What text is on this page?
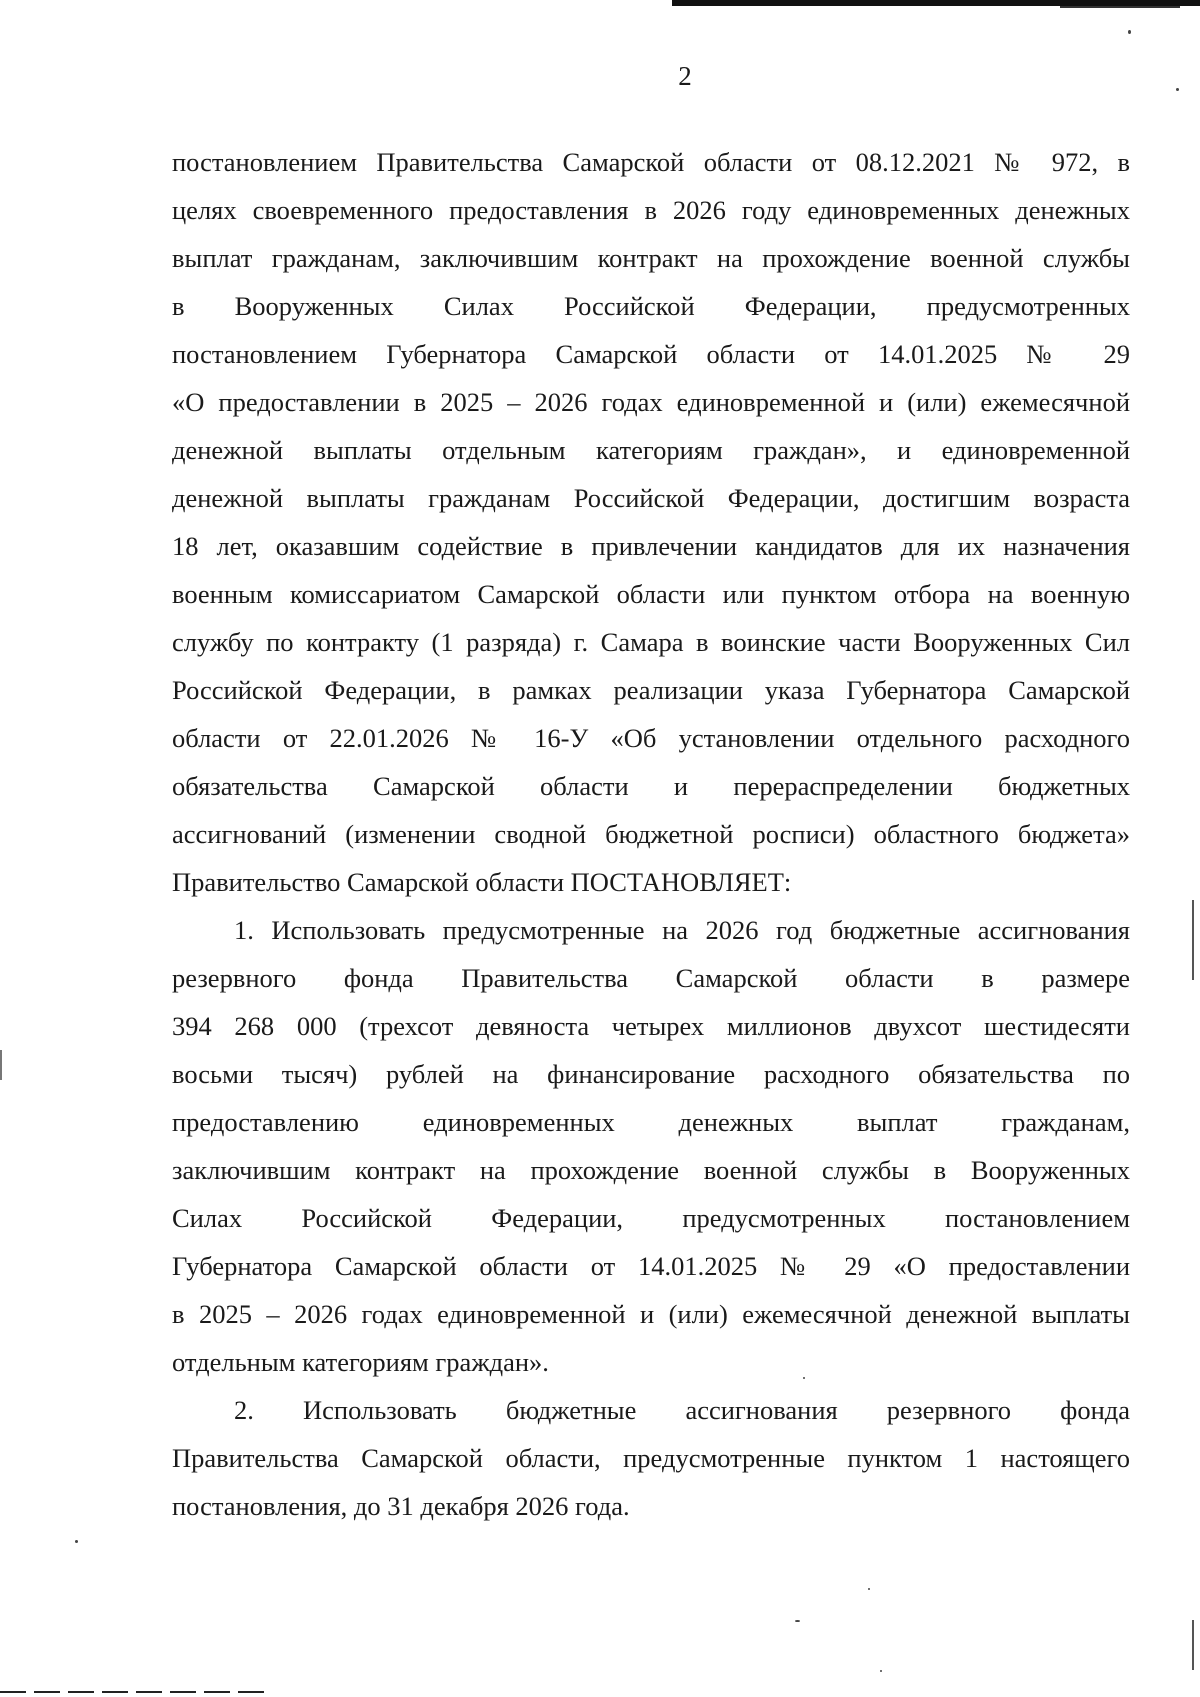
2
постановлением Правительства Самарской области от 08.12.2021 № 972, в
целях своевременного предоставления в 2026 году единовременных денежных
выплат гражданам, заключившим контракт на прохождение военной службы
в Вооруженных Силах Российской Федерации, предусмотренных
постановлением Губернатора Самарской области от 14.01.2025 № 29
«О предоставлении в 2025 – 2026 годах единовременной и (или) ежемесячной
денежной выплаты отдельным категориям граждан», и единовременной
денежной выплаты гражданам Российской Федерации, достигшим возраста
18 лет, оказавшим содействие в привлечении кандидатов для их назначения
военным комиссариатом Самарской области или пунктом отбора на военную
службу по контракту (1 разряда) г. Самара в воинские части Вооруженных Сил
Российской Федерации, в рамках реализации указа Губернатора Самарской
области от 22.01.2026 № 16-У «Об установлении отдельного расходного
обязательства Самарской области и перераспределении бюджетных
ассигнований (изменении сводной бюджетной росписи) областного бюджета»
Правительство Самарской области ПОСТАНОВЛЯЕТ:
1. Использовать предусмотренные на 2026 год бюджетные ассигнования
резервного фонда Правительства Самарской области в размере
394 268 000 (трехсот девяноста четырех миллионов двухсот шестидесяти
восьми тысяч) рублей на финансирование расходного обязательства по
предоставлению единовременных денежных выплат гражданам,
заключившим контракт на прохождение военной службы в Вооруженных
Силах Российской Федерации, предусмотренных постановлением
Губернатора Самарской области от 14.01.2025 № 29 «О предоставлении
в 2025 – 2026 годах единовременной и (или) ежемесячной денежной выплаты
отдельным категориям граждан».
2. Использовать бюджетные ассигнования резервного фонда
Правительства Самарской области, предусмотренные пунктом 1 настоящего
постановления, до 31 декабря 2026 года.
